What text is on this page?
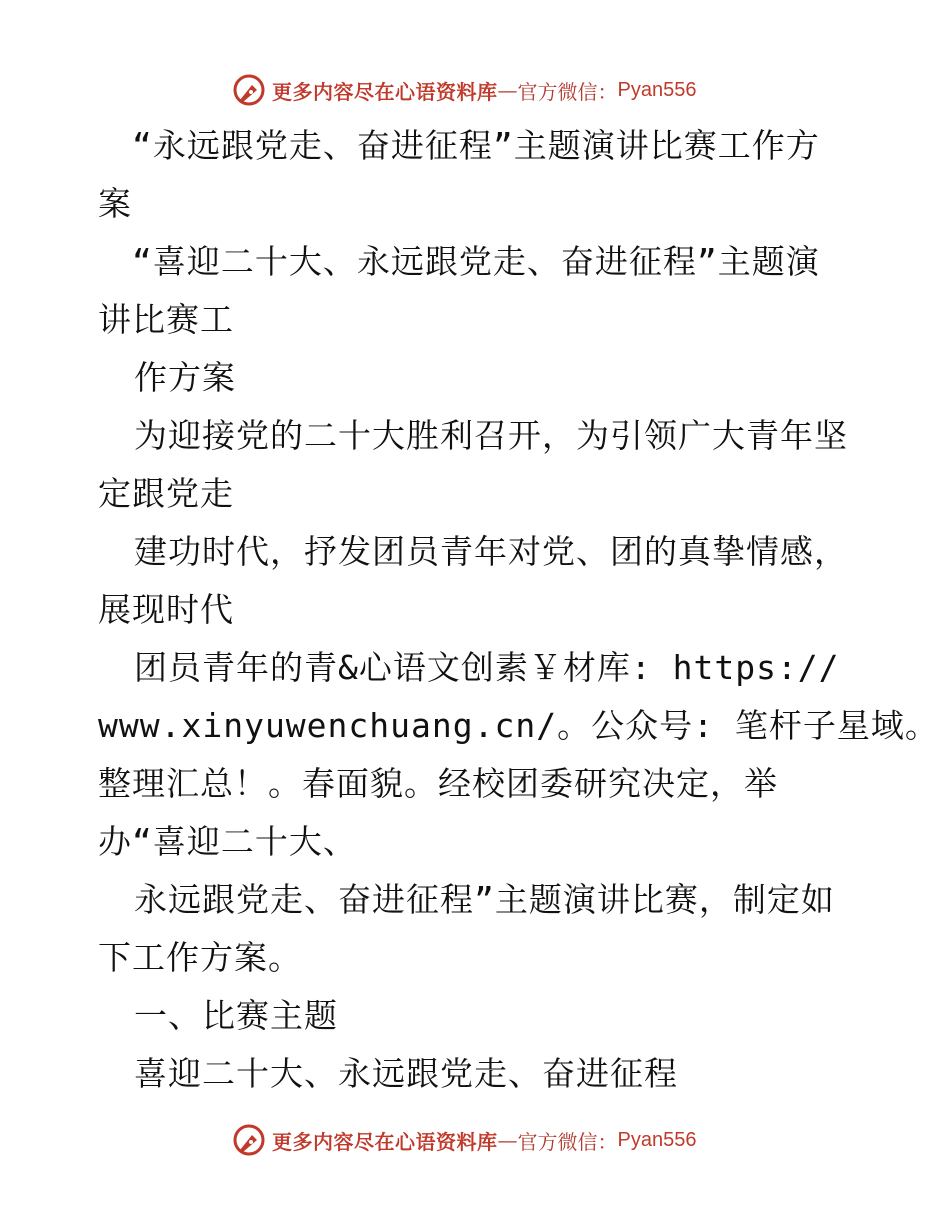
更多内容尽在心语资料库 — 官方微信： Pyan556
“永远跟党走、奋进征程”主题演讲比赛工作方
案
“喜迎二十大、永远跟党走、奋进征程”主题演
讲比赛工
作方案
为迎接党的二十大胜利召开，为引领广大青年坚
定跟党走
建功时代，抒发团员青年对党、团的真挚情感，
展现时代
团员青年的青&心语文创素￥材库: https://
www.xinyuwenchuang.cn/。公众号: 笔杆子星域。
整理汇总！。春面貌。经校团委研究决定，举
办“喜迎二十大、
永远跟党走、奋进征程”主题演讲比赛，制定如
下工作方案。
一、比赛主题
喜迎二十大、永远跟党走、奋进征程
更多内容尽在心语资料库 — 官方微信： Pyan556
